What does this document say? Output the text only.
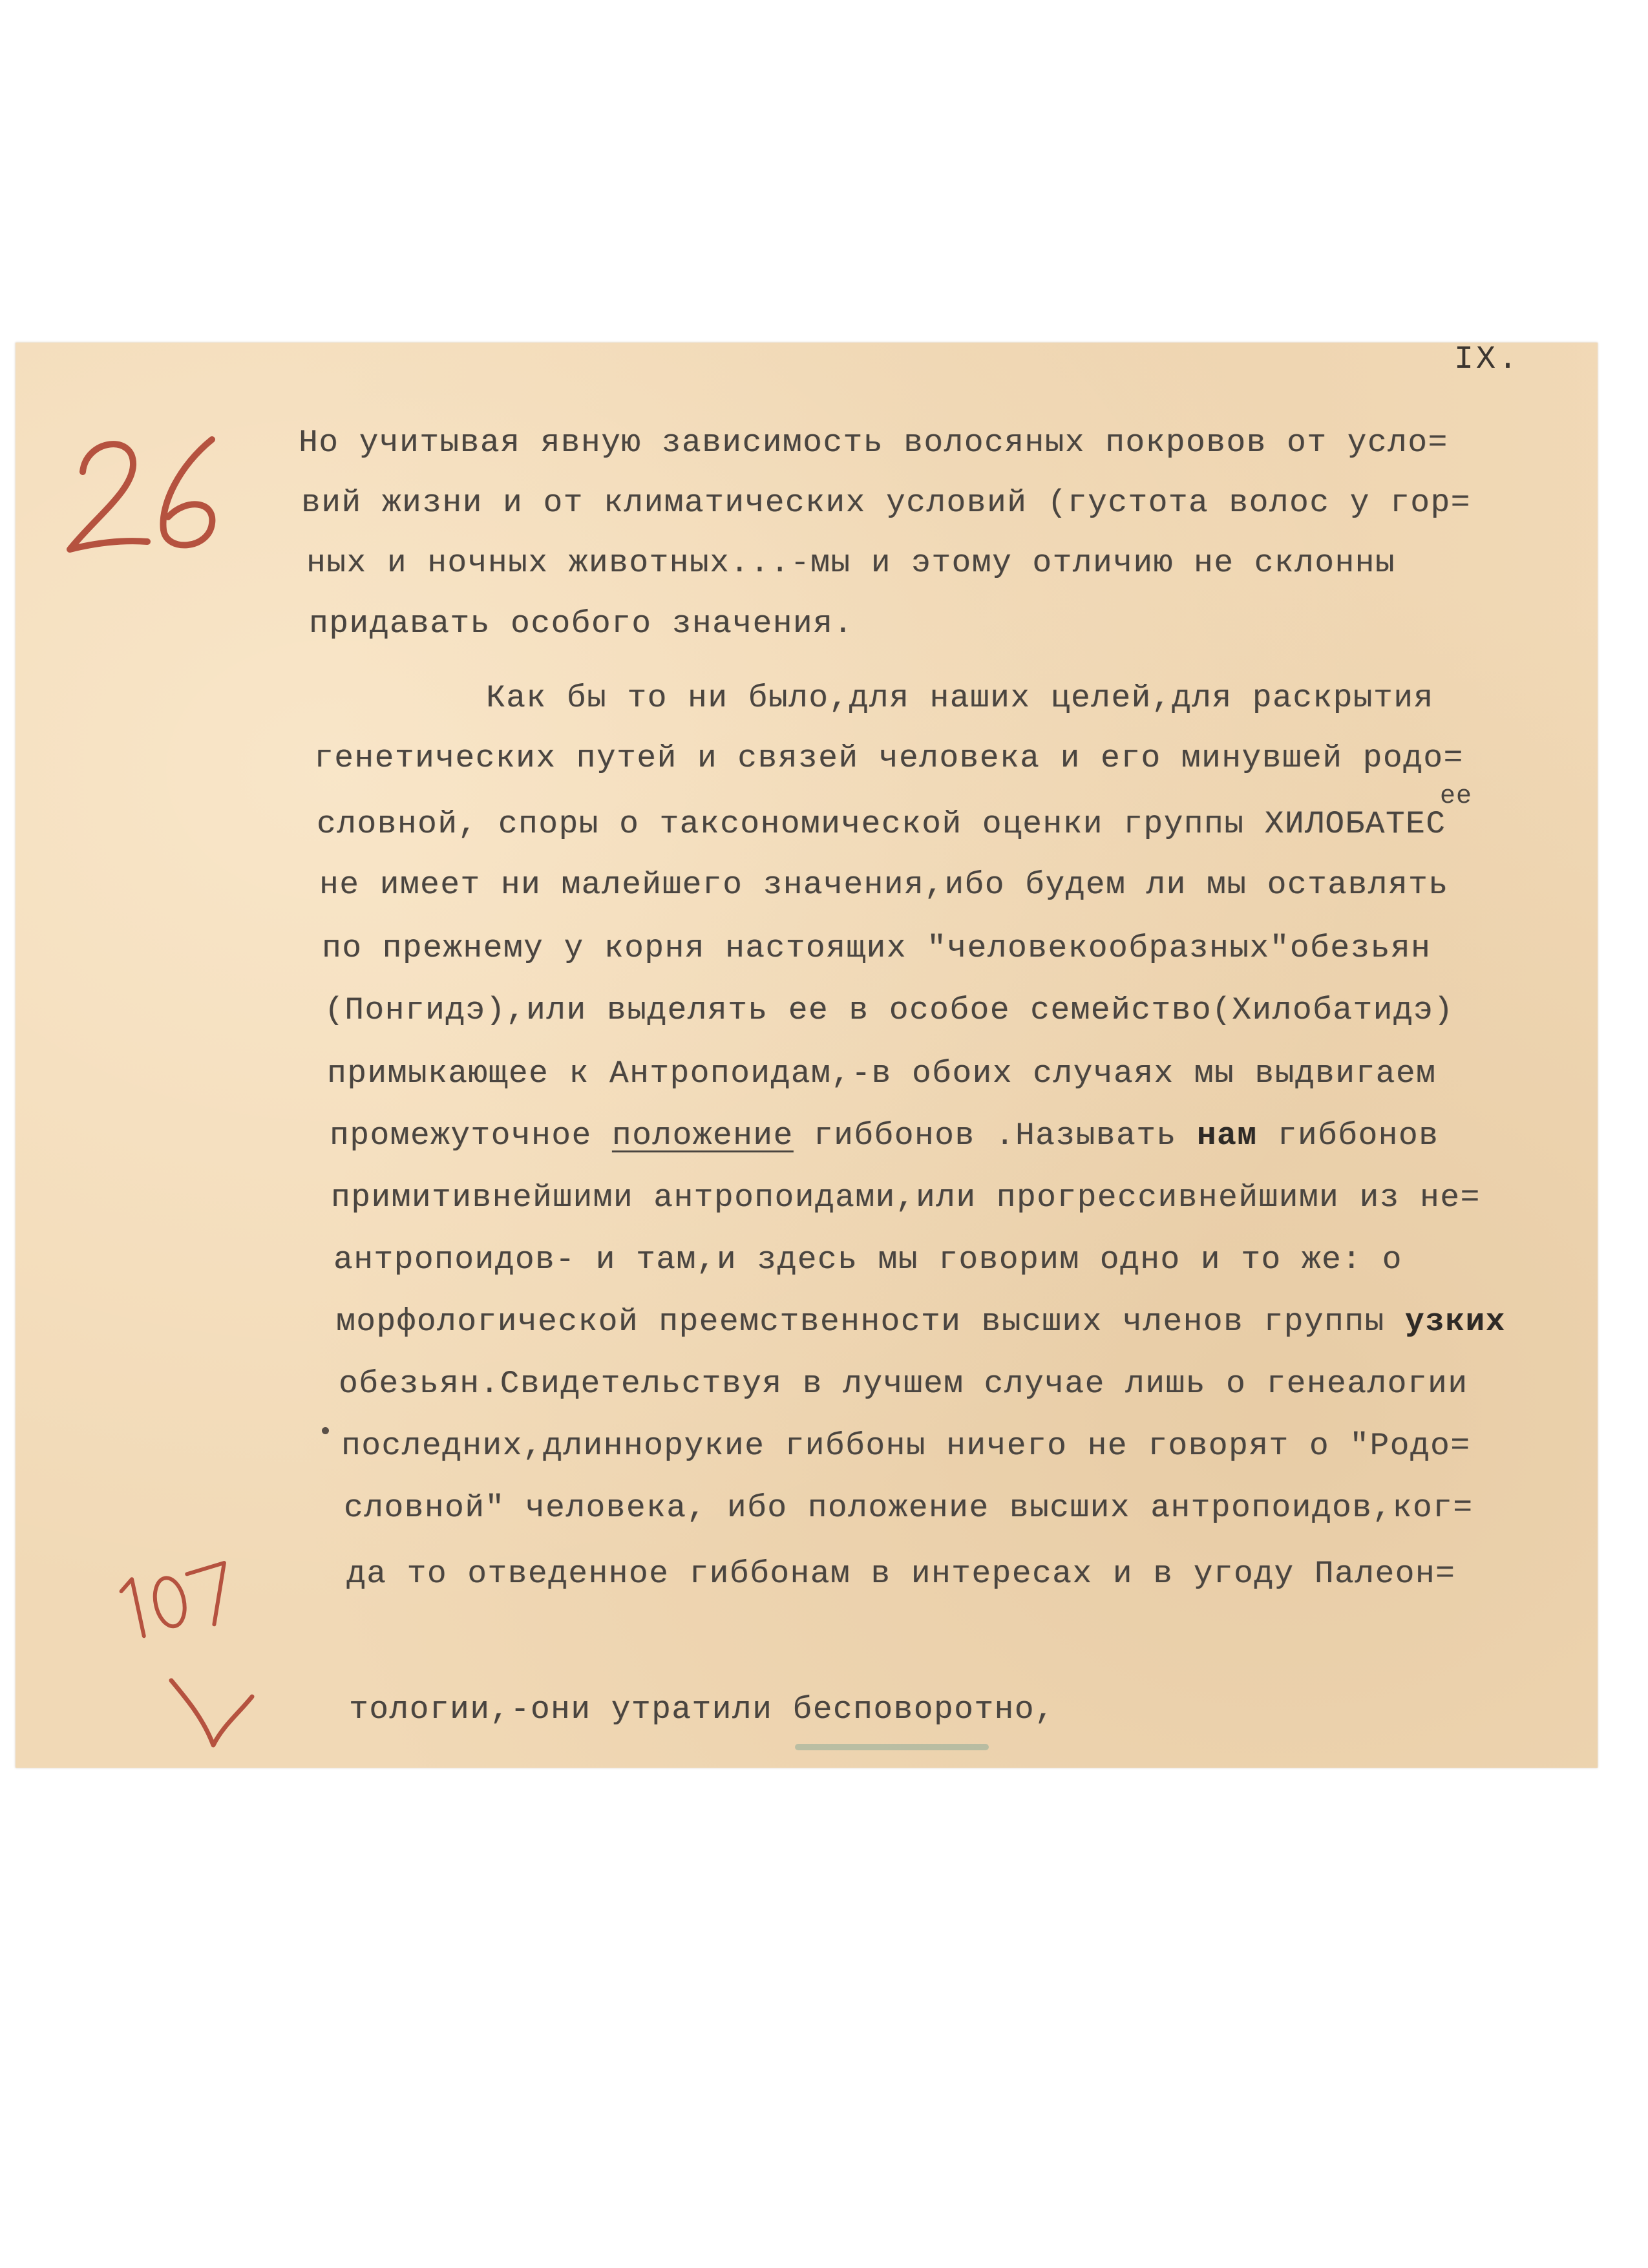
IX.
Но учитывая явную зависимость волосяных покровов от усло=
вий жизни и от климатических условий (густота волос у гор=
ных и ночных животных...-мы и этому отличию не склонны
придавать особого значения.
Как бы то ни было,для наших целей,для раскрытия
генетических путей и связей человека и его минувшей родо=
словной, споры о таксономической оценки группы ХИЛОБАТЕС
ее
не имеет ни малейшего значения,ибо будем ли мы оставлять
по прежнему у корня настоящих "человекообразных"обезьян
(Понгидэ),или выделять ее в особое семейство(Хилобатидэ)
примыкающее к Антропоидам,-в обоих случаях мы выдвигаем
промежуточное положение гиббонов .Называть нам гиббонов
примитивнейшими антропоидами,или прогрессивнейшими из не=
антропоидов- и там,и здесь мы говорим одно и то же: о
морфологической преемственности высших членов группы узких
обезьян.Свидетельствуя в лучшем случае лишь о генеалогии
последних,длиннорукие гиббоны ничего не говорят о "Родо=
словной" человека, ибо положение высших антропоидов,ког=
да то отведенное гиббонам в интересах и в угоду Палеон=
тологии,-они утратили бесповоротно,
